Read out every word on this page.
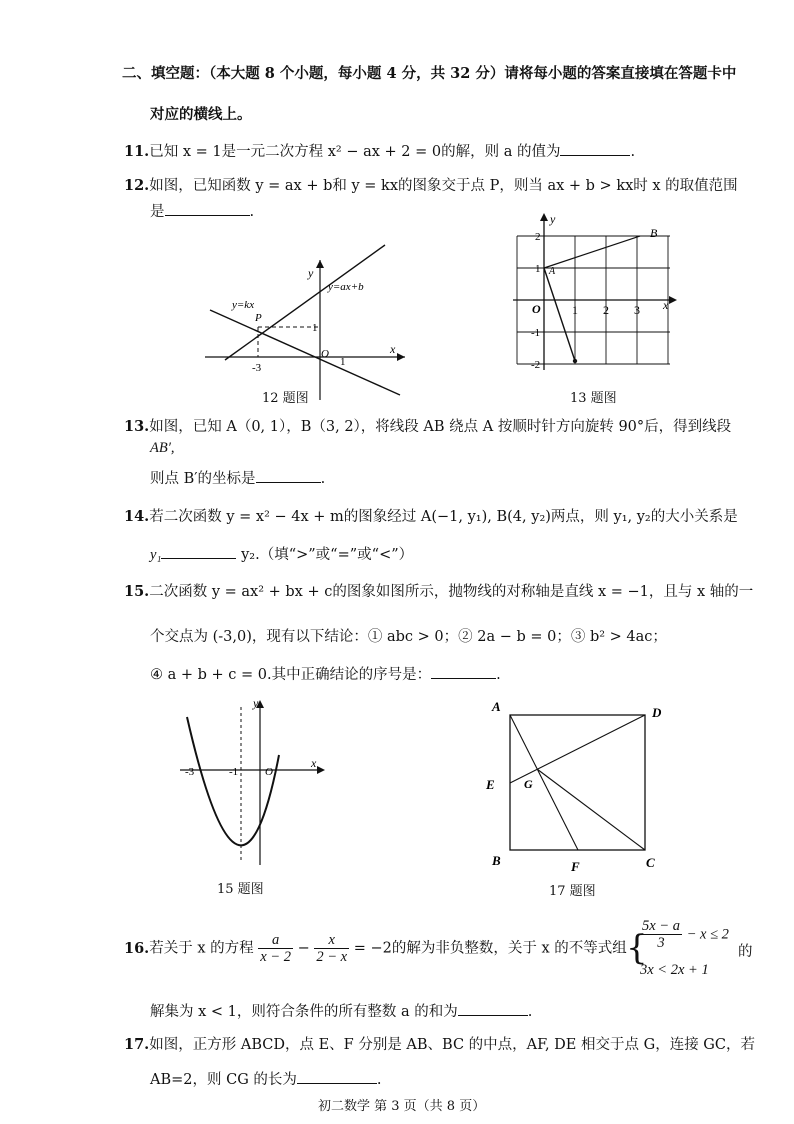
二、填空题：（本大题 8 个小题，每小题 4 分，共 32 分）请将每小题的答案直接填在答题卡中
对应的横线上。
11.已知 x = 1是一元二次方程 x² − ax + 2 = 0的解，则 a 的值为	.
12.如图，已知函数 y = ax + b和 y = kx的图象交于点 P，则当 ax + b > kx时 x 的取值范围
是	.
y=kx
y=ax+b
P
-3
O
1
1
y
x
12 题图
B
A
O
y
x
1 2 3
2
1
-1
-2
13 题图
13.如图，已知 A（0, 1），B（3, 2），将线段 AB 绕点 A 按顺时针方向旋转 90°后，得到线段
AB′,
则点 B′的坐标是	.
14.若二次函数 y = x² − 4x + m的图象经过 A(−1, y₁), B(4, y₂)两点，则 y₁, y₂的大小关系是
y₁	y₂.（填“>”或“=”或“<”）
15.二次函数 y = ax² + bx + c的图象如图所示，抛物线的对称轴是直线 x = −1，且与 x 轴的一
个交点为 (-3,0)，现有以下结论：① abc > 0；② 2a − b = 0；③ b² > 4ac；
④ a + b + c = 0.其中正确结论的序号是：	.
-3	-1 O
y
x
15 题图
A
B	C
D
E
F
G
17 题图
16.若关于 x 的方程 $\frac{a}{x - 2} - \frac{x}{2 - x} = -2$的解为非负整数，关于 x 的不等式组 {
$\frac{5x - a}{3} - x \le 2$
3x < 2x + 1
的
解集为 x < 1，则符合条件的所有整数 a 的和为	.
17.如图，正方形 ABCD，点 E、F 分别是 AB、BC 的中点，AF, DE 相交于点 G，连接 GC，若
AB=2，则 CG 的长为	.
初二数学 第 3 页（共 8 页）
